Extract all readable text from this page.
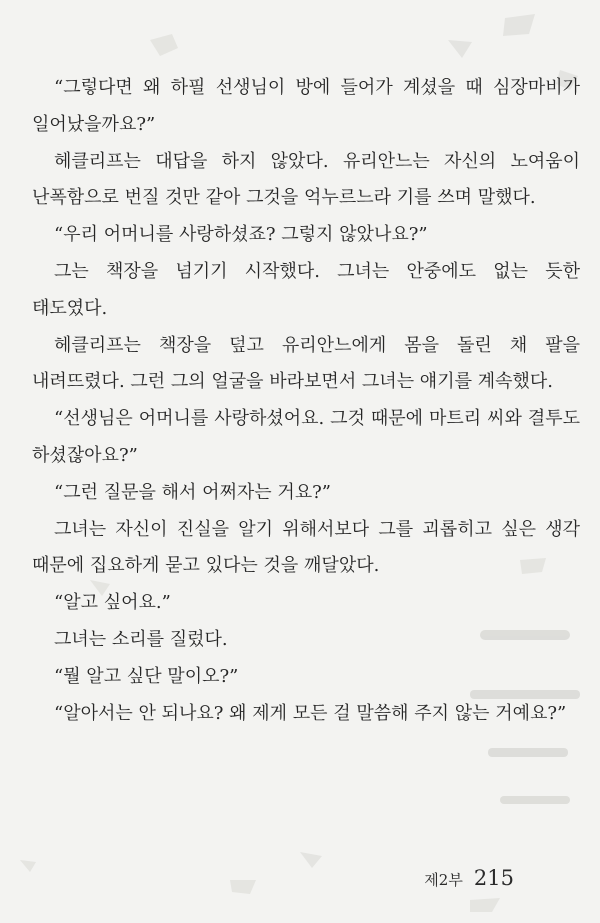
“그렇다면 왜 하필 선생님이 방에 들어가 계셨을 때 심장마비가 일어났을까요?”

헤클리프는 대답을 하지 않았다. 유리안느는 자신의 노여움이 난폭함으로 번질 것만 같아 그것을 억누르느라 기를 쓰며 말했다.

“우리 어머니를 사랑하셨죠? 그렇지 않았나요?”

그는 책장을 넘기기 시작했다. 그녀는 안중에도 없는 듯한 태도였다.

헤클리프는 책장을 덮고 유리안느에게 몸을 돌린 채 팔을 내려뜨렸다. 그런 그의 얼굴을 바라보면서 그녀는 얘기를 계속했다.

“선생님은 어머니를 사랑하셨어요. 그것 때문에 마트리 씨와 결투도 하셨잖아요?”

“그런 질문을 해서 어쩌자는 거요?”

그녀는 자신이 진실을 알기 위해서보다 그를 괴롭히고 싶은 생각 때문에 집요하게 묻고 있다는 것을 깨달았다.

“알고 싶어요.”

그녀는 소리를 질렀다.

“뭘 알고 싶단 말이오?”

“알아서는 안 되나요? 왜 제게 모든 걸 말씀해 주지 않는 거예요?”

제2부 215
